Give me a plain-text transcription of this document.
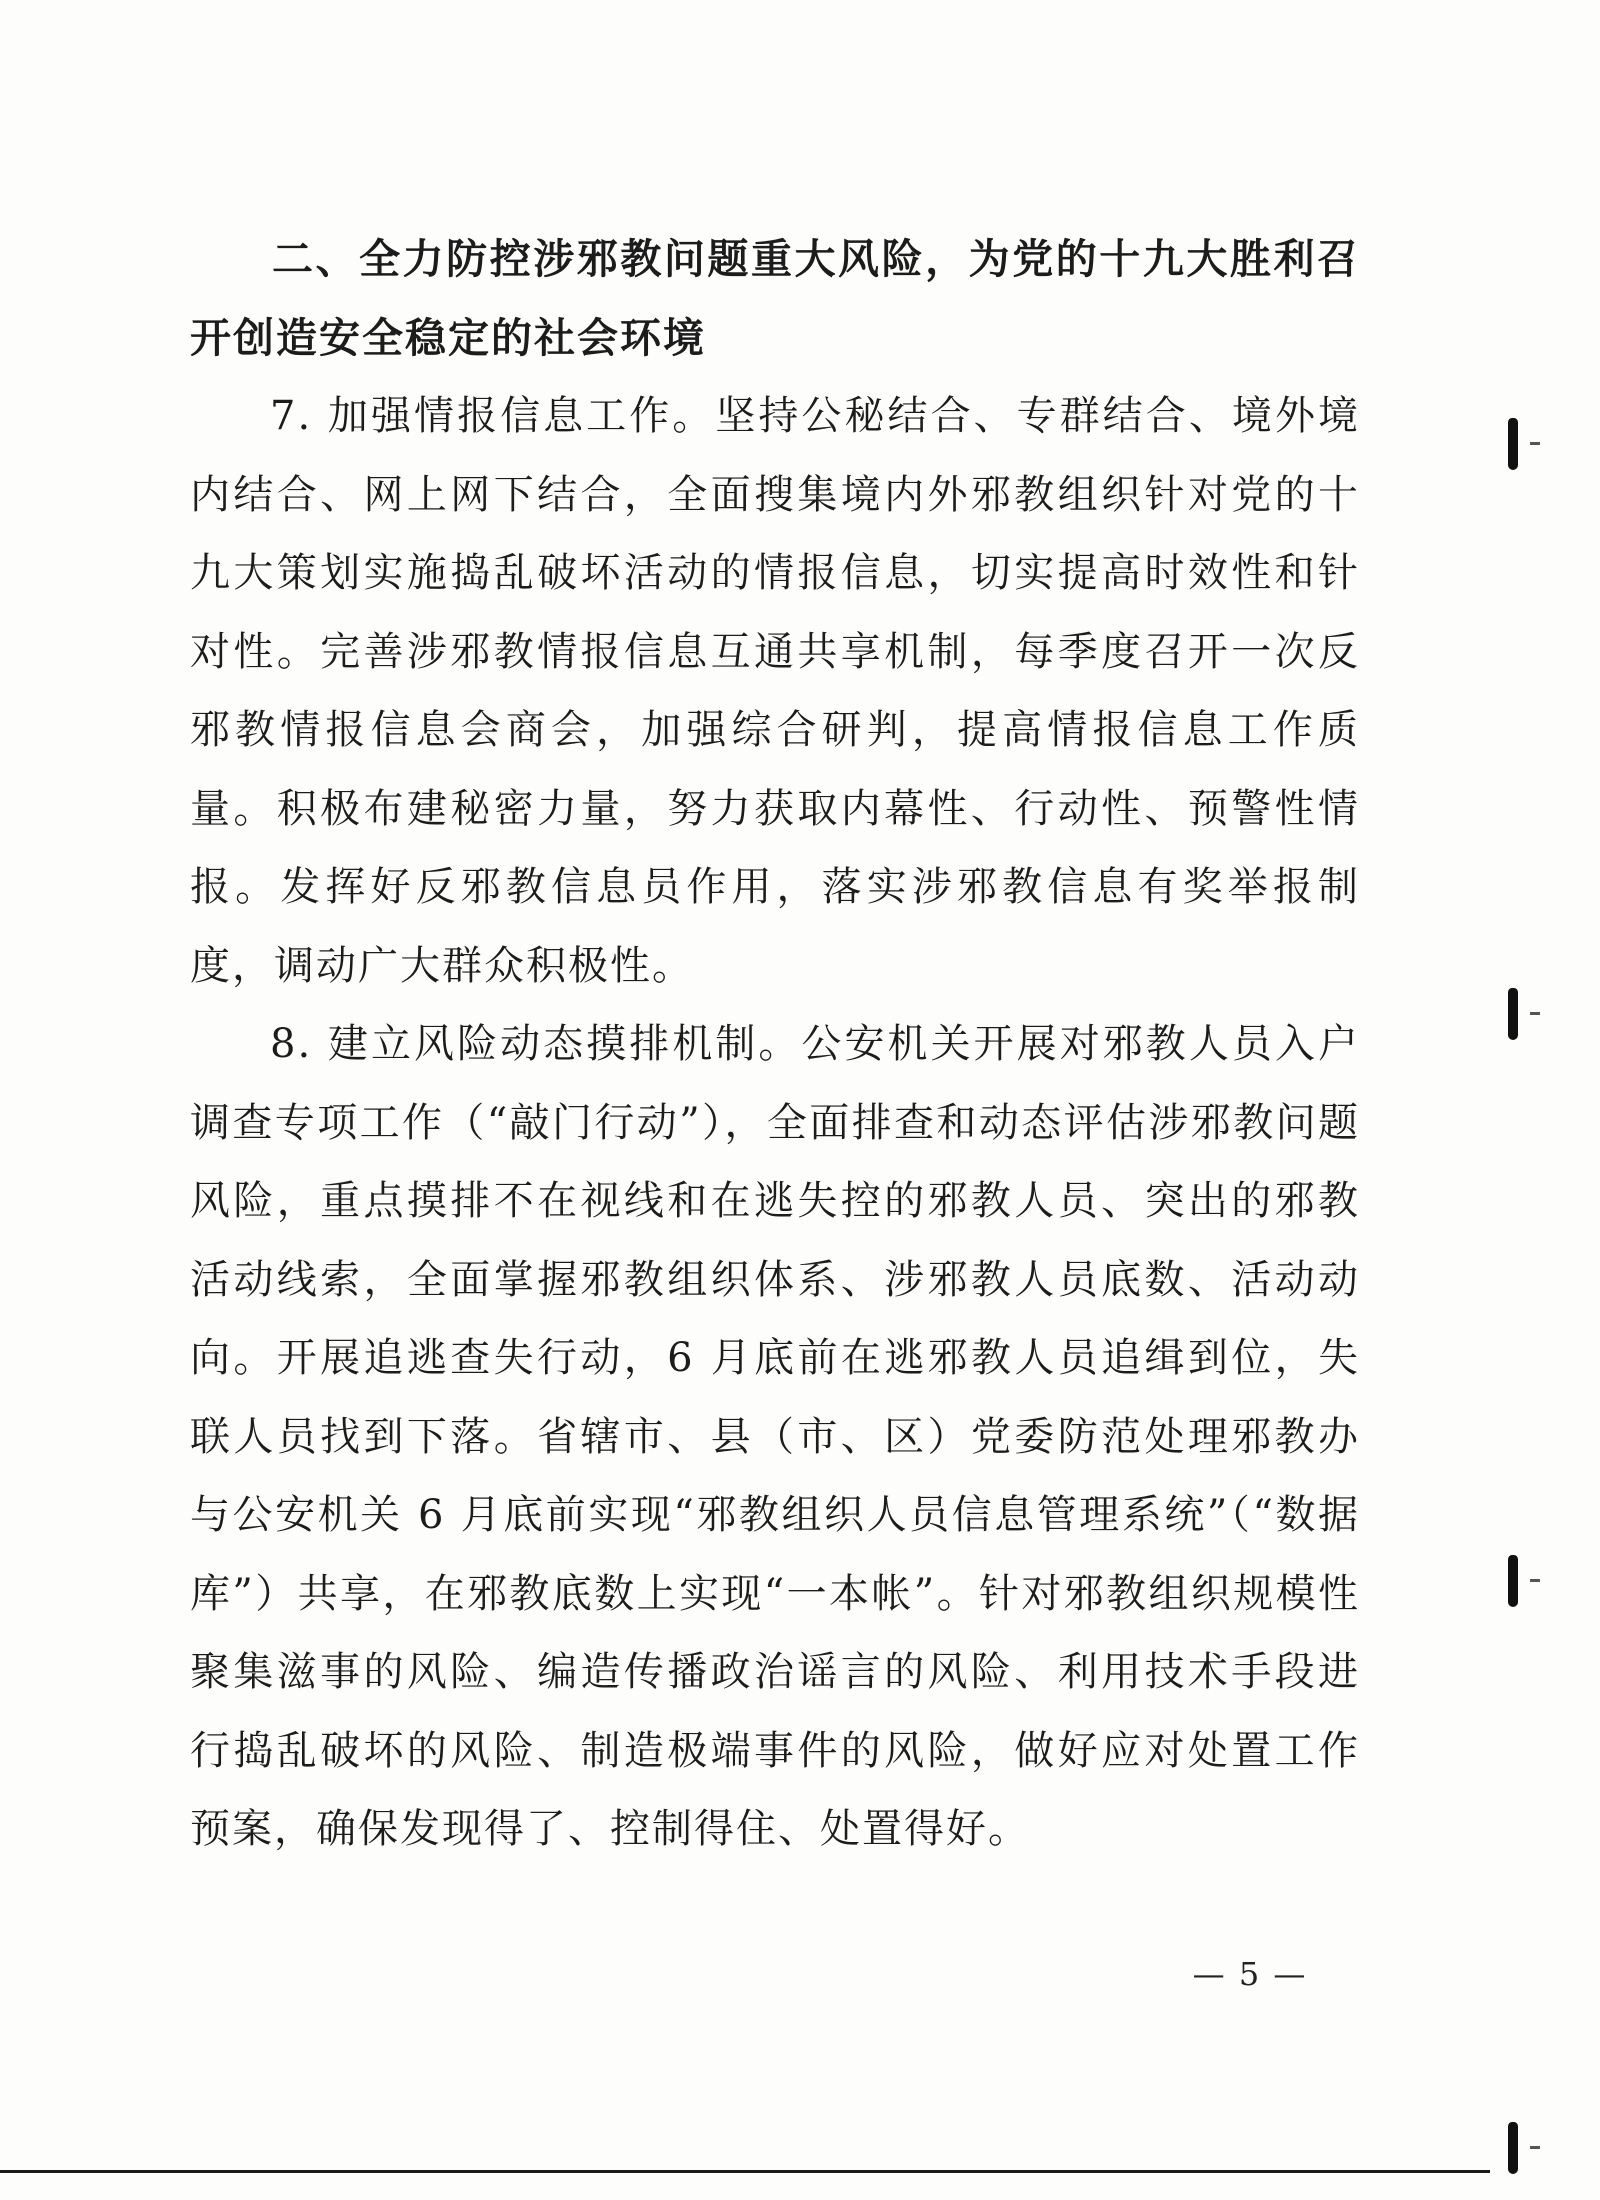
二、全力防控涉邪教问题重大风险，为党的十九大胜利召开创造安全稳定的社会环境

7. 加强情报信息工作。坚持公秘结合、专群结合、境外境内结合、网上网下结合，全面搜集境内外邪教组织针对党的十九大策划实施捣乱破坏活动的情报信息，切实提高时效性和针对性。完善涉邪教情报信息互通共享机制，每季度召开一次反邪教情报信息会商会，加强综合研判，提高情报信息工作质量。积极布建秘密力量，努力获取内幕性、行动性、预警性情报。发挥好反邪教信息员作用，落实涉邪教信息有奖举报制度，调动广大群众积极性。

8. 建立风险动态摸排机制。公安机关开展对邪教人员入户调查专项工作（“敲门行动”），全面排查和动态评估涉邪教问题风险，重点摸排不在视线和在逃失控的邪教人员、突出的邪教活动线索，全面掌握邪教组织体系、涉邪教人员底数、活动动向。开展追逃查失行动，6 月底前在逃邪教人员追缉到位，失联人员找到下落。省辖市、县（市、区）党委防范处理邪教办与公安机关 6 月底前实现“邪教组织人员信息管理系统”（“数据库”）共享，在邪教底数上实现“一本帐”。针对邪教组织规模性聚集滋事的风险、编造传播政治谣言的风险、利用技术手段进行捣乱破坏的风险、制造极端事件的风险，做好应对处置工作预案，确保发现得了、控制得住、处置得好。

— 5 —
